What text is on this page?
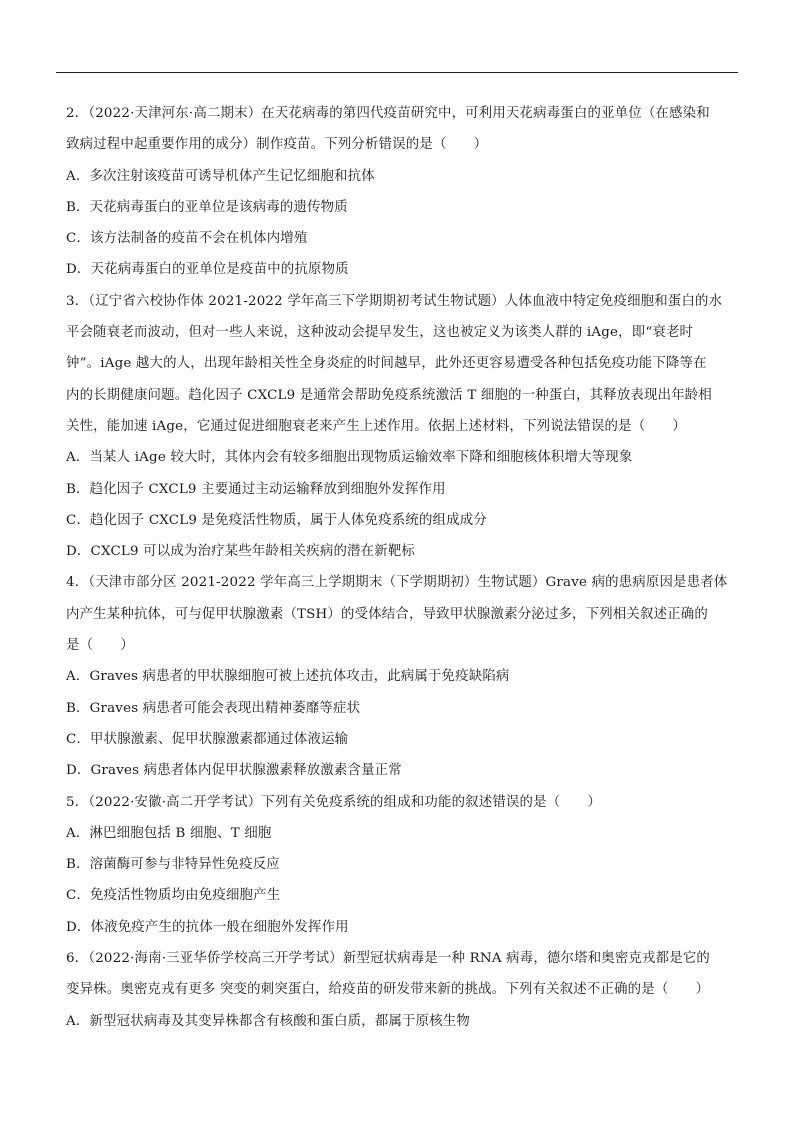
2．（2022·天津河东·高二期末）在天花病毒的第四代疫苗研究中，可利用天花病毒蛋白的亚单位（在感染和
致病过程中起重要作用的成分）制作疫苗。下列分析错误的是（　　）
A．多次注射该疫苗可诱导机体产生记忆细胞和抗体
B．天花病毒蛋白的亚单位是该病毒的遗传物质
C．该方法制备的疫苗不会在机体内增殖
D．天花病毒蛋白的亚单位是疫苗中的抗原物质
3．（辽宁省六校协作体 2021-2022 学年高三下学期期初考试生物试题）人体血液中特定免疫细胞和蛋白的水
平会随衰老而波动，但对一些人来说，这种波动会提早发生，这也被定义为该类人群的 iAge，即“衰老时
钟”。iAge 越大的人，出现年龄相关性全身炎症的时间越早，此外还更容易遭受各种包括免疫功能下降等在
内的长期健康问题。趋化因子 CXCL9 是通常会帮助免疫系统激活 T 细胞的一种蛋白，其释放表现出年龄相
关性，能加速 iAge，它通过促进细胞衰老来产生上述作用。依据上述材料，下列说法错误的是（　　）
A．当某人 iAge 较大时，其体内会有较多细胞出现物质运输效率下降和细胞核体积增大等现象
B．趋化因子 CXCL9 主要通过主动运输释放到细胞外发挥作用
C．趋化因子 CXCL9 是免疫活性物质，属于人体免疫系统的组成成分
D．CXCL9 可以成为治疗某些年龄相关疾病的潜在新靶标
4．（天津市部分区 2021-2022 学年高三上学期期末（下学期期初）生物试题）Grave 病的患病原因是患者体
内产生某种抗体，可与促甲状腺激素（TSH）的受体结合，导致甲状腺激素分泌过多，下列相关叙述正确的
是（　　）
A．Graves 病患者的甲状腺细胞可被上述抗体攻击，此病属于免疫缺陷病
B．Graves 病患者可能会表现出精神萎靡等症状
C．甲状腺激素、促甲状腺激素都通过体液运输
D．Graves 病患者体内促甲状腺激素释放激素含量正常
5．（2022·安徽·高二开学考试）下列有关免疫系统的组成和功能的叙述错误的是（　　）
A．淋巴细胞包括 B 细胞、T 细胞
B．溶菌酶可参与非特异性免疫反应
C．免疫活性物质均由免疫细胞产生
D．体液免疫产生的抗体一般在细胞外发挥作用
6．（2022·海南·三亚华侨学校高三开学考试）新型冠状病毒是一种 RNA 病毒，德尔塔和奥密克戎都是它的
变异株。奥密克戎有更多 突变的刺突蛋白，给疫苗的研发带来新的挑战。下列有关叙述不正确的是（　　）
A．新型冠状病毒及其变异株都含有核酸和蛋白质，都属于原核生物
